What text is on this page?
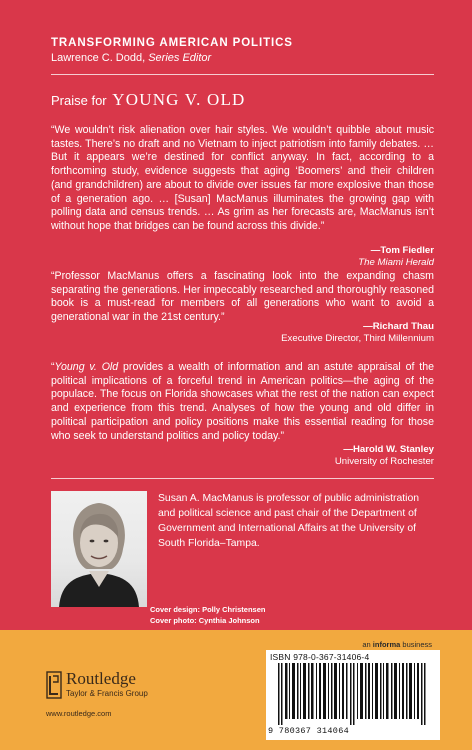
TRANSFORMING AMERICAN POLITICS
Lawrence C. Dodd, Series Editor
Praise for YOUNG V. OLD
“We wouldn’t risk alienation over hair styles. We wouldn’t quibble about music tastes. There’s no draft and no Vietnam to inject patriotism into family debates. … But it appears we’re destined for conflict anyway. In fact, according to a forthcoming study, evidence suggests that aging ‘Boomers’ and their children (and grandchildren) are about to divide over issues far more explosive than those of a generation ago. … [Susan] MacManus illuminates the growing gap with polling data and census trends. … As grim as her forecasts are, MacManus isn’t without hope that bridges can be found across this divide.”
—Tom Fiedler
The Miami Herald
“Professor MacManus offers a fascinating look into the expanding chasm separating the generations. Her impeccably researched and thoroughly reasoned book is a must-read for members of all generations who want to avoid a generational war in the 21st century.”
—Richard Thau
Executive Director, Third Millennium
“Young v. Old provides a wealth of information and an astute appraisal of the political implications of a forceful trend in American politics—the aging of the populace. The focus on Florida showcases what the rest of the nation can expect and experience from this trend. Analyses of how the young and old differ in political participation and policy positions make this essential reading for those who seek to understand politics and policy today.”
—Harold W. Stanley
University of Rochester
Susan A. MacManus is professor of public administration and political science and past chair of the Department of Government and International Affairs at the University of South Florida–Tampa.
Cover design: Polly Christensen
Cover photo: Cynthia Johnson
Routledge
Taylor & Francis Group
www.routledge.com
an informa business
ISBN 978-0-367-31406-4
9 780367 314064
